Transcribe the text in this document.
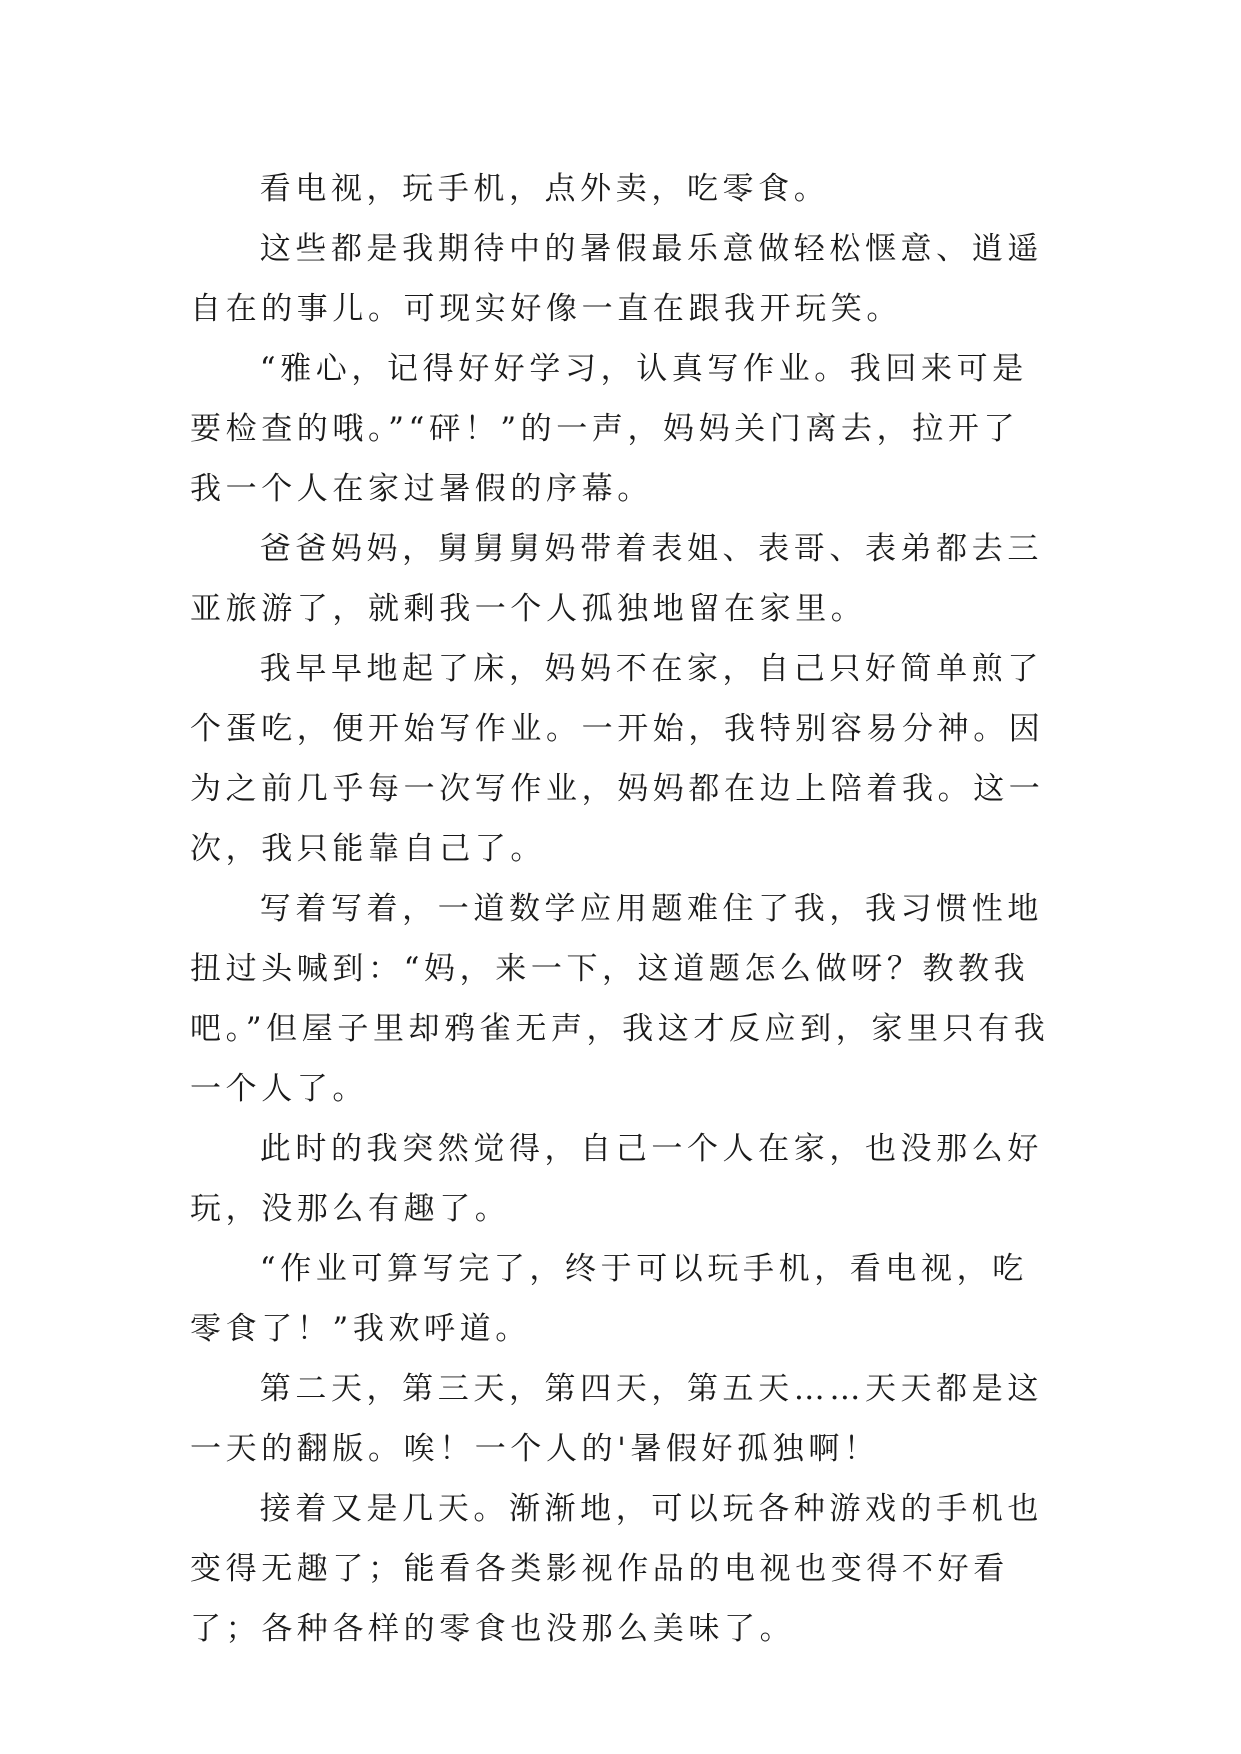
看电视，玩手机，点外卖，吃零食。

这些都是我期待中的暑假最乐意做轻松惬意、逍遥自在的事儿。可现实好像一直在跟我开玩笑。

“雅心，记得好好学习，认真写作业。我回来可是要检查的哦。”“砰！”的一声，妈妈关门离去，拉开了我一个人在家过暑假的序幕。

爸爸妈妈，舅舅舅妈带着表姐、表哥、表弟都去三亚旅游了，就剩我一个人孤独地留在家里。

我早早地起了床，妈妈不在家，自己只好简单煎了个蛋吃，便开始写作业。一开始，我特别容易分神。因为之前几乎每一次写作业，妈妈都在边上陪着我。这一次，我只能靠自己了。

写着写着，一道数学应用题难住了我，我习惯性地扭过头喊到：“妈，来一下，这道题怎么做呀？教教我吧。”但屋子里却鸦雀无声，我这才反应到，家里只有我一个人了。

此时的我突然觉得，自己一个人在家，也没那么好玩，没那么有趣了。

“作业可算写完了，终于可以玩手机，看电视，吃零食了！”我欢呼道。

第二天，第三天，第四天，第五天……天天都是这一天的翻版。唉！一个人的'暑假好孤独啊！

接着又是几天。渐渐地，可以玩各种游戏的手机也变得无趣了；能看各类影视作品的电视也变得不好看了；各种各样的零食也没那么美味了。
